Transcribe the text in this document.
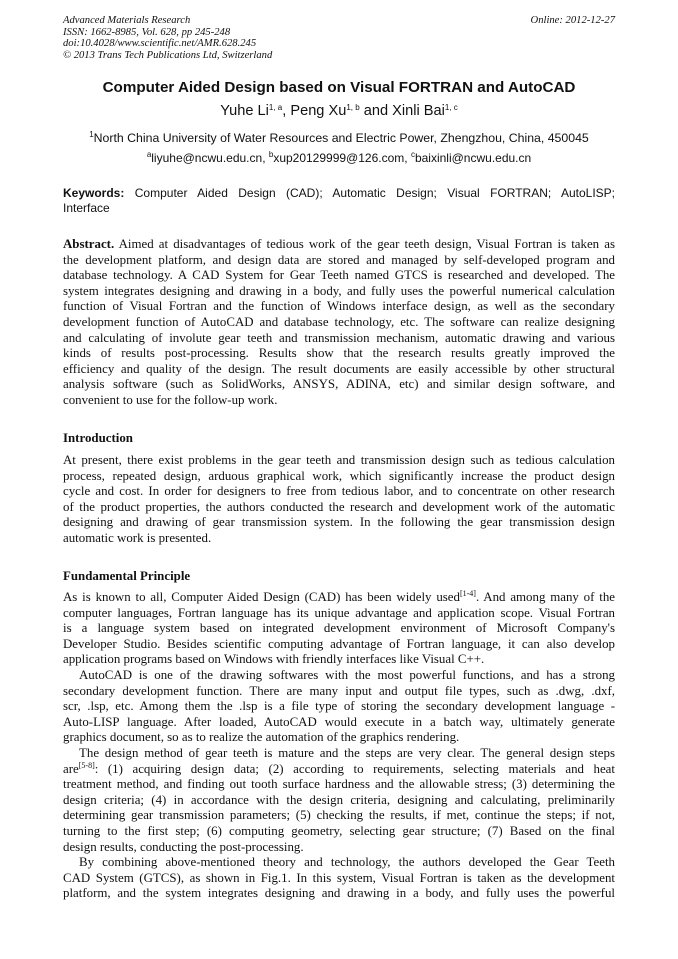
Advanced Materials Research
ISSN: 1662-8985, Vol. 628, pp 245-248
doi:10.4028/www.scientific.net/AMR.628.245
© 2013 Trans Tech Publications Ltd, Switzerland
Online: 2012-12-27
Computer Aided Design based on Visual FORTRAN and AutoCAD
Yuhe Li$^{1, a}$, Peng Xu$^{1, b}$ and Xinli Bai$^{1, c}$
$^1$North China University of Water Resources and Electric Power, Zhengzhou, China, 450045
$^a$liyuhe@ncwu.edu.cn, $^b$xup20129999@126.com, $^c$baixinli@ncwu.edu.cn

Keywords: Computer Aided Design (CAD); Automatic Design; Visual FORTRAN; AutoLISP;

Interface

Abstract. Aimed at disadvantages of tedious work of the gear teeth design, Visual Fortran is taken as

the development platform, and design data are stored and managed by self-developed program and

database technology. A CAD System for Gear Teeth named GTCS is researched and developed. The

system integrates designing and drawing in a body, and fully uses the powerful numerical calculation

function of Visual Fortran and the function of Windows interface design, as well as the secondary

development function of AutoCAD and database technology, etc. The software can realize designing

and calculating of involute gear teeth and transmission mechanism, automatic drawing and various

kinds of results post-processing. Results show that the research results greatly improved the

efficiency and quality of the design. The result documents are easily accessible by other structural

analysis software (such as SolidWorks, ANSYS, ADINA, etc) and similar design software, and

convenient to use for the follow-up work.

Introduction

At present, there exist problems in the gear teeth and transmission design such as tedious calculation

process, repeated design, arduous graphical work, which significantly increase the product design

cycle and cost. In order for designers to free from tedious labor, and to concentrate on other research

of the product properties, the authors conducted the research and development work of the automatic

designing and drawing of gear transmission system. In the following the gear transmission design

automatic work is presented.

Fundamental Principle

As is known to all, Computer Aided Design (CAD) has been widely used[1-4]. And among many of the

computer languages, Fortran language has its unique advantage and application scope. Visual Fortran

is a language system based on integrated development environment of Microsoft Company's

Developer Studio. Besides scientific computing advantage of Fortran language, it can also develop

application programs based on Windows with friendly interfaces like Visual C++.

AutoCAD is one of the drawing softwares with the most powerful functions, and has a strong

secondary development function. There are many input and output file types, such as .dwg, .dxf,

scr, .lsp, etc. Among them the .lsp is a file type of storing the secondary development language -

Auto-LISP language. After loaded, AutoCAD would execute in a batch way, ultimately generate

graphics document, so as to realize the automation of the graphics rendering.

The design method of gear teeth is mature and the steps are very clear. The general design steps

are[5-8]: (1) acquiring design data; (2) according to requirements, selecting materials and heat

treatment method, and finding out tooth surface hardness and the allowable stress; (3) determining the

design criteria; (4) in accordance with the design criteria, designing and calculating, preliminarily

determining gear transmission parameters; (5) checking the results, if met, continue the steps; if not,

turning to the first step; (6) computing geometry, selecting gear structure; (7) Based on the final

design results, conducting the post-processing.

By combining above-mentioned theory and technology, the authors developed the Gear Teeth

CAD System (GTCS), as shown in Fig.1. In this system, Visual Fortran is taken as the development

platform, and the system integrates designing and drawing in a body, and fully uses the powerful
